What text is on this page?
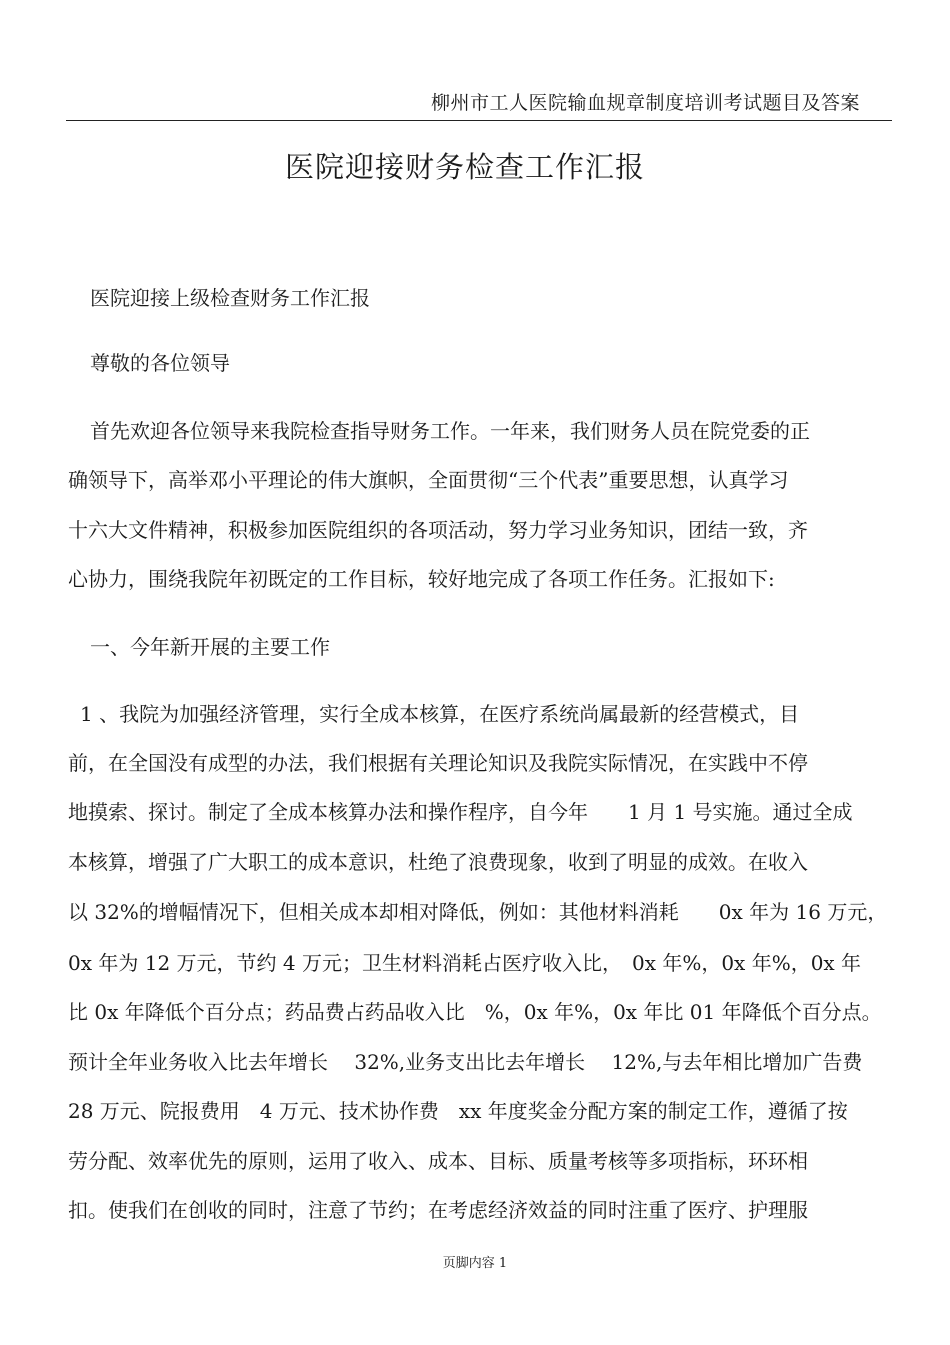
柳州市工人医院输血规章制度培训考试题目及答案
医院迎接财务检查工作汇报
医院迎接上级检查财务工作汇报
尊敬的各位领导
首先欢迎各位领导来我院检查指导财务工作。一年来，我们财务人员在院党委的正
确领导下，高举邓小平理论的伟大旗帜，全面贯彻“三个代表”重要思想，认真学习
十六大文件精神，积极参加医院组织的各项活动，努力学习业务知识，团结一致，齐
心协力，围绕我院年初既定的工作目标，较好地完成了各项工作任务。汇报如下:
一、今年新开展的主要工作
1 、我院为加强经济管理，实行全成本核算，在医疗系统尚属最新的经营模式，目
前，在全国没有成型的办法，我们根据有关理论知识及我院实际情况，在实践中不停
地摸索、探讨。制定了全成本核算办法和操作程序，自今年　　1 月 1 号实施。通过全成
本核算，增强了广大职工的成本意识，杜绝了浪费现象，收到了明显的成效。在收入
以 32%的增幅情况下，但相关成本却相对降低，例如：其他材料消耗　　0x 年为 16 万元，
0x 年为 12 万元，节约 4 万元；卫生材料消耗占医疗收入比，　0x 年%，0x 年%，0x 年
比 0x 年降低个百分点；药品费占药品收入比　%，0x 年%，0x 年比 01 年降低个百分点。
预计全年业务收入比去年增长　 32%,业务支出比去年增长　 12%,与去年相比增加广告费
28 万元、院报费用　4 万元、技术协作费　xx 年度奖金分配方案的制定工作，遵循了按
劳分配、效率优先的原则，运用了收入、成本、目标、质量考核等多项指标，环环相
扣。使我们在创收的同时，注意了节约；在考虑经济效益的同时注重了医疗、护理服
页脚内容 1
